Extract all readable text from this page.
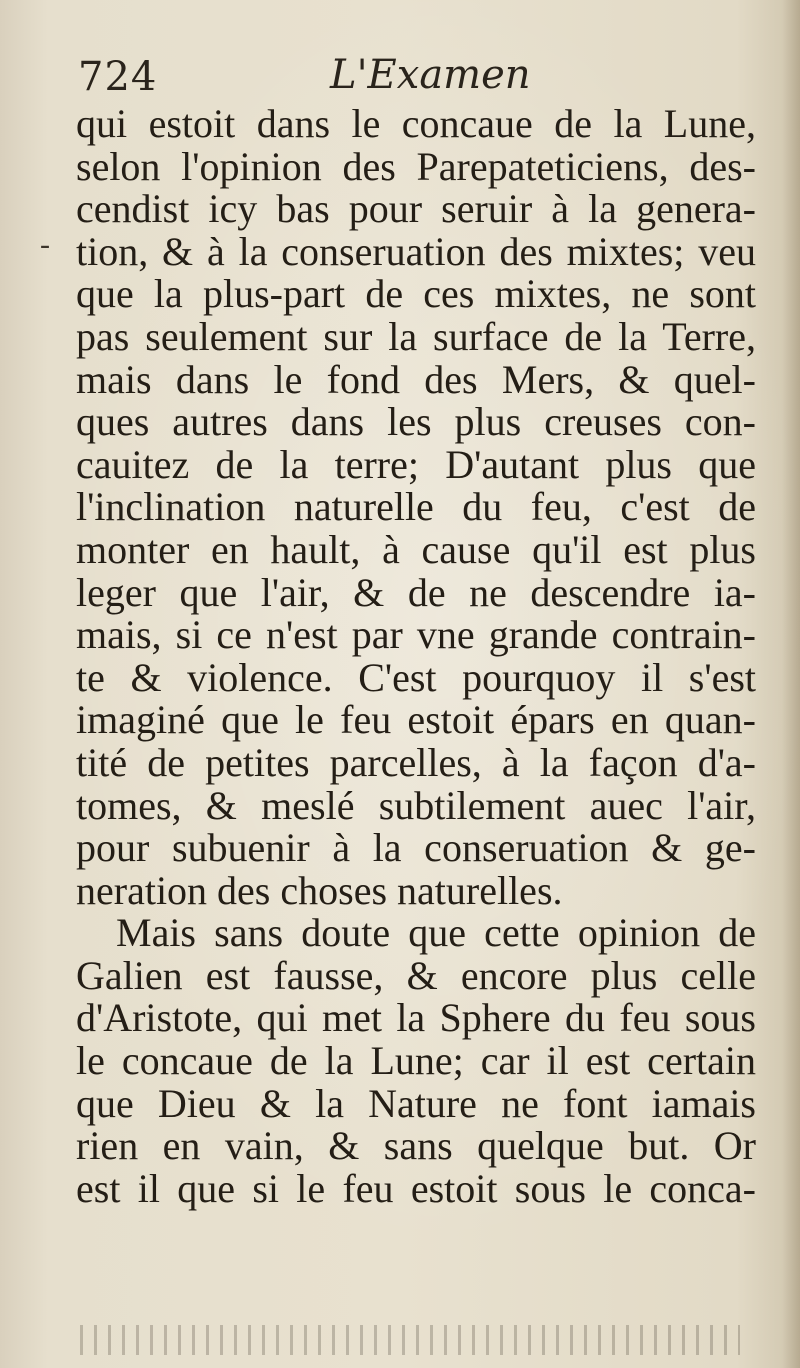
724	L'Examen
-
qui estoit dans le concaue de la Lune,
selon l'opinion des Parepateticiens, des-
cendist icy bas pour seruir à la genera-
tion, & à la conseruation des mixtes; veu
que la plus-part de ces mixtes, ne sont
pas seulement sur la surface de la Terre,
mais dans le fond des Mers, & quel-
ques autres dans les plus creuses con-
cauitez de la terre; D'autant plus que
l'inclination naturelle du feu, c'est de
monter en hault, à cause qu'il est plus
leger que l'air, & de ne descendre ia-
mais, si ce n'est par vne grande contrain-
te & violence. C'est pourquoy il s'est
imaginé que le feu estoit épars en quan-
tité de petites parcelles, à la façon d'a-
tomes, & meslé subtilement auec l'air,
pour subuenir à la conseruation & ge-
neration des choses naturelles.
Mais sans doute que cette opinion de
Galien est fausse, & encore plus celle
d'Aristote, qui met la Sphere du feu sous
le concaue de la Lune; car il est certain
que Dieu & la Nature ne font iamais
rien en vain, & sans quelque but. Or
est il que si le feu estoit sous le conca-
